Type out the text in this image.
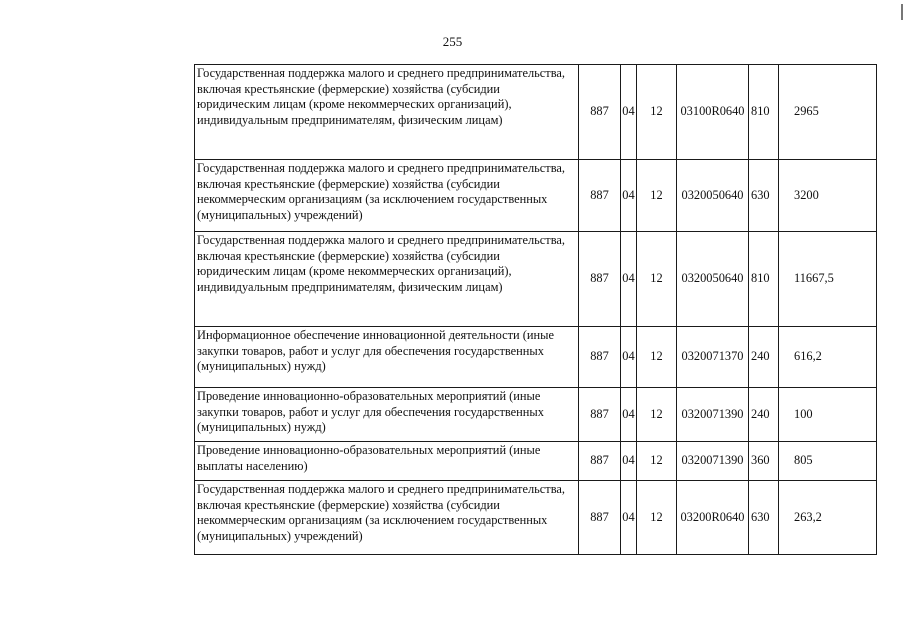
255
Государственная поддержка малого и среднего предпринимательства,
включая крестьянские (фермерские) хозяйства (субсидии
юридическим лицам (кроме некоммерческих организаций),
индивидуальным предпринимателям, физическим лицам)	887	04	12	03100R0640	810	2965

Государственная поддержка малого и среднего предпринимательства,
включая крестьянские (фермерские) хозяйства (субсидии
некоммерческим организациям (за исключением государственных
(муниципальных) учреждений)	887	04	12	0320050640	630	3200

Государственная поддержка малого и среднего предпринимательства,
включая крестьянские (фермерские) хозяйства (субсидии
юридическим лицам (кроме некоммерческих организаций),
индивидуальным предпринимателям, физическим лицам)	887	04	12	0320050640	810	11667,5

Информационное обеспечение инновационной деятельности (иные
закупки товаров, работ и услуг для обеспечения государственных
(муниципальных) нужд)	887	04	12	0320071370	240	616,2

Проведение инновационно-образовательных мероприятий (иные
закупки товаров, работ и услуг для обеспечения государственных
(муниципальных) нужд)	887	04	12	0320071390	240	100

Проведение инновационно-образовательных мероприятий (иные
выплаты населению)	887	04	12	0320071390	360	805

Государственная поддержка малого и среднего предпринимательства,
включая крестьянские (фермерские) хозяйства (субсидии
некоммерческим организациям (за исключением государственных
(муниципальных) учреждений)	887	04	12	03200R0640	630	263,2
